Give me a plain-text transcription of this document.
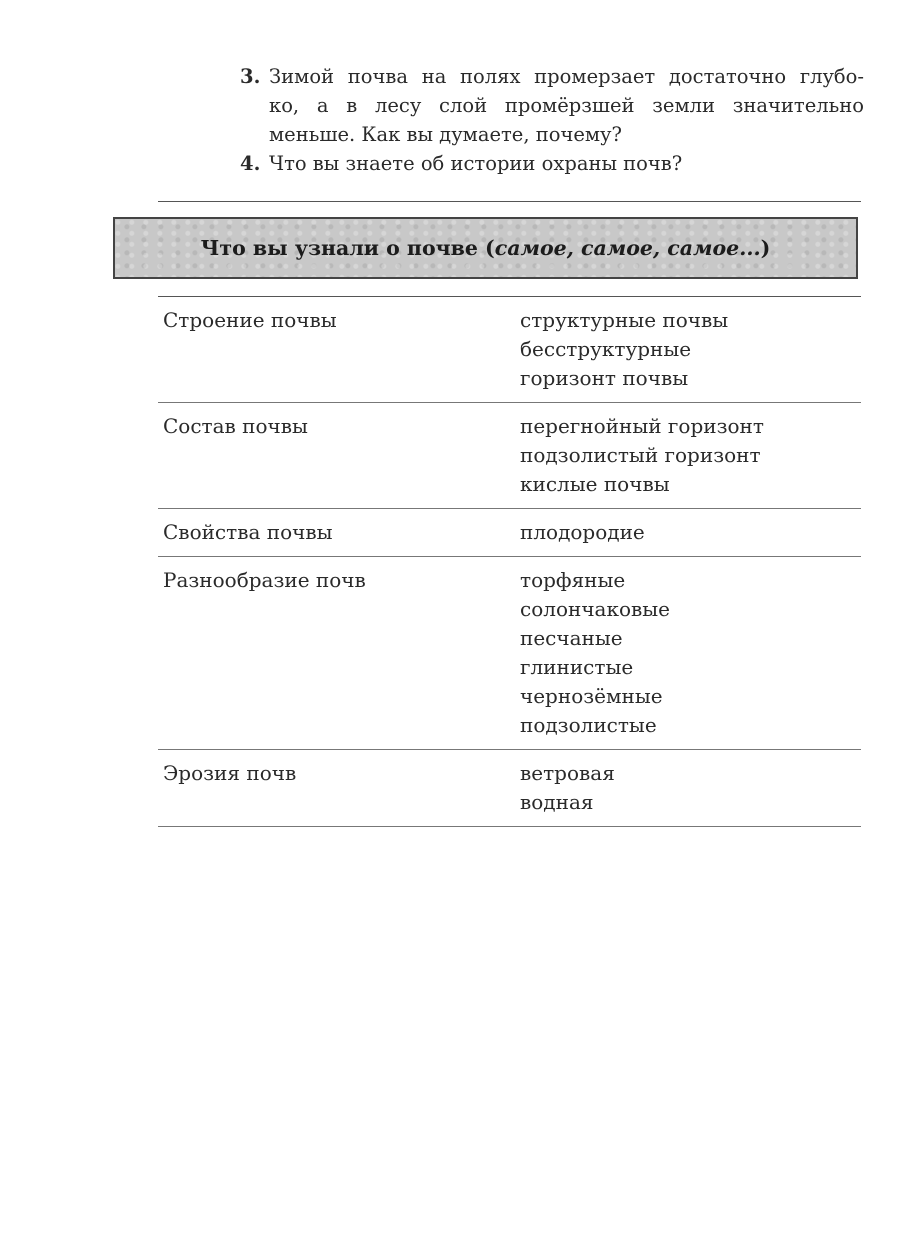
3. Зимой почва на полях промерзает достаточно глубо-
ко, а в лесу слой промёрзшей земли значительно
меньше. Как вы думаете, почему?
4. Что вы знаете об истории охраны почв?
Что вы узнали о почве (самое, самое, самое...)
Строение почвы	структурные почвы
бесструктурные
горизонт почвы
Состав почвы	перегнойный горизонт
подзолистый горизонт
кислые почвы
Свойства почвы	плодородие
Разнообразие почв	торфяные
солончаковые
песчаные
глинистые
чернозёмные
подзолистые
Эрозия почв	ветровая
водная
